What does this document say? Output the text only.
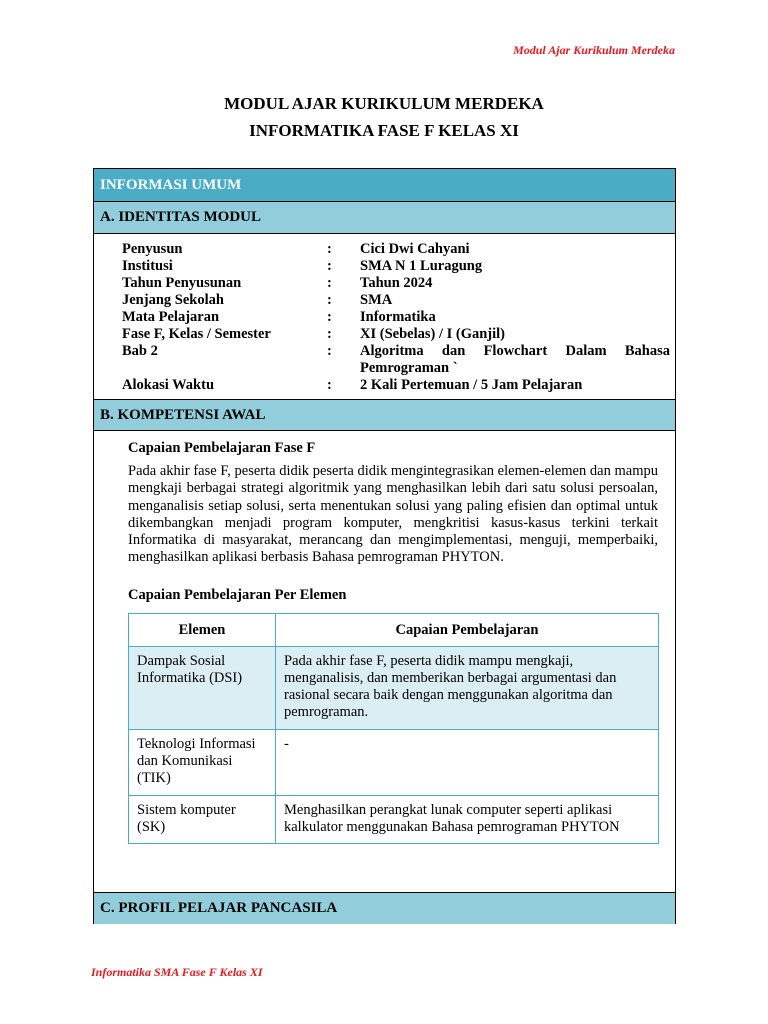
Modul Ajar Kurikulum Merdeka
MODUL AJAR KURIKULUM MERDEKA
INFORMATIKA FASE F KELAS XI
INFORMASI UMUM
A. IDENTITAS MODUL
Penyusun	:	Cici Dwi Cahyani
Institusi	:	SMA N 1 Luragung
Tahun Penyusunan	:	Tahun 2024
Jenjang Sekolah	:	SMA
Mata Pelajaran	:	Informatika
Fase F, Kelas / Semester	:	XI (Sebelas) / I (Ganjil)
Bab 2	:	Algoritma dan Flowchart Dalam Bahasa Pemrograman `
Alokasi Waktu	:	2 Kali Pertemuan / 5 Jam Pelajaran
B. KOMPETENSI AWAL
Capaian Pembelajaran Fase F
Pada akhir fase F, peserta didik peserta didik mengintegrasikan elemen-elemen dan mampu mengkaji berbagai strategi algoritmik yang menghasilkan lebih dari satu solusi persoalan, menganalisis setiap solusi, serta menentukan solusi yang paling efisien dan optimal untuk dikembangkan menjadi program komputer, mengkritisi kasus-kasus terkini terkait Informatika di masyarakat, merancang dan mengimplementasi, menguji, memperbaiki, menghasilkan aplikasi berbasis Bahasa pemrograman PHYTON.
Capaian Pembelajaran Per Elemen
Elemen	Capaian Pembelajaran
Dampak Sosial Informatika (DSI)	Pada akhir fase F, peserta didik mampu mengkaji, menganalisis, dan memberikan berbagai argumentasi dan rasional secara baik dengan menggunakan algoritma dan pemrograman.
Teknologi Informasi dan Komunikasi (TIK)	-
Sistem komputer (SK)	Menghasilkan perangkat lunak computer seperti aplikasi kalkulator menggunakan Bahasa pemrograman PHYTON
C. PROFIL PELAJAR PANCASILA
Informatika SMA Fase F Kelas XI
